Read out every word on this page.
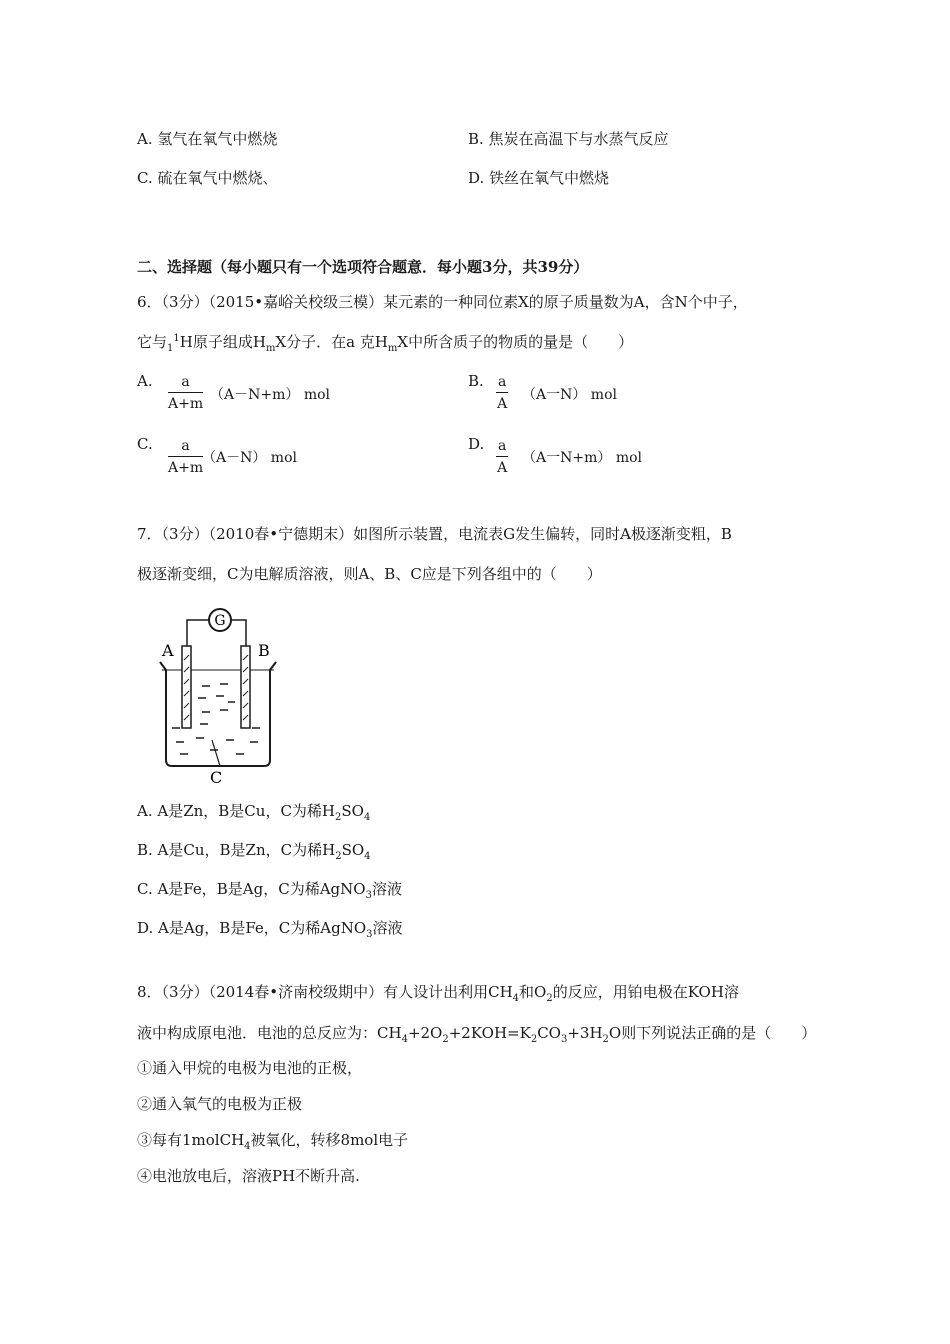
A. 氢气在氧气中燃烧	B. 焦炭在高温下与水蒸气反应
C. 硫在氧气中燃烧、	D. 铁丝在氧气中燃烧
二、选择题（每小题只有一个选项符合题意．每小题3分，共39分）
6．（3分）（2015•嘉峪关校级三模）某元素的一种同位素X的原子质量数为A，含N个中子，
它与$_1^1$H原子组成$H_mX$分子．在a 克$H_mX$中所含质子的物质的量是（　　）
A. a
A+m
（A－N+m） mol
B. a
A
（A一N） mol
C. a
A+m
（A－N） mol
D. a
A
（A一N+m） mol
7．（3分）（2010春•宁德期末）如图所示装置，电流表G发生偏转，同时A极逐渐变粗，B
极逐渐变细，C为电解质溶液，则A、B、C应是下列各组中的（　　）
G
A	B
C
A. A是Zn，B是Cu，C为稀$H_2SO_4$
B. A是Cu，B是Zn，C为稀$H_2SO_4$
C. A是Fe，B是Ag，C为稀AgNO$_3$溶液
D. A是Ag，B是Fe，C为稀AgNO$_3$溶液
8．（3分）（2014春•济南校级期中）有人设计出利用$CH_4$和$O_2$的反应，用铂电极在KOH溶
液中构成原电池．电池的总反应为：$CH_4+2O_2+2KOH=K_2CO_3+3H_2O$则下列说法正确的是（　　）
①通入甲烷的电极为电池的正极，
②通入氧气的电极为正极
③每有1molCH$_4$被氧化，转移8mol电子
④电池放电后，溶液PH不断升高.
